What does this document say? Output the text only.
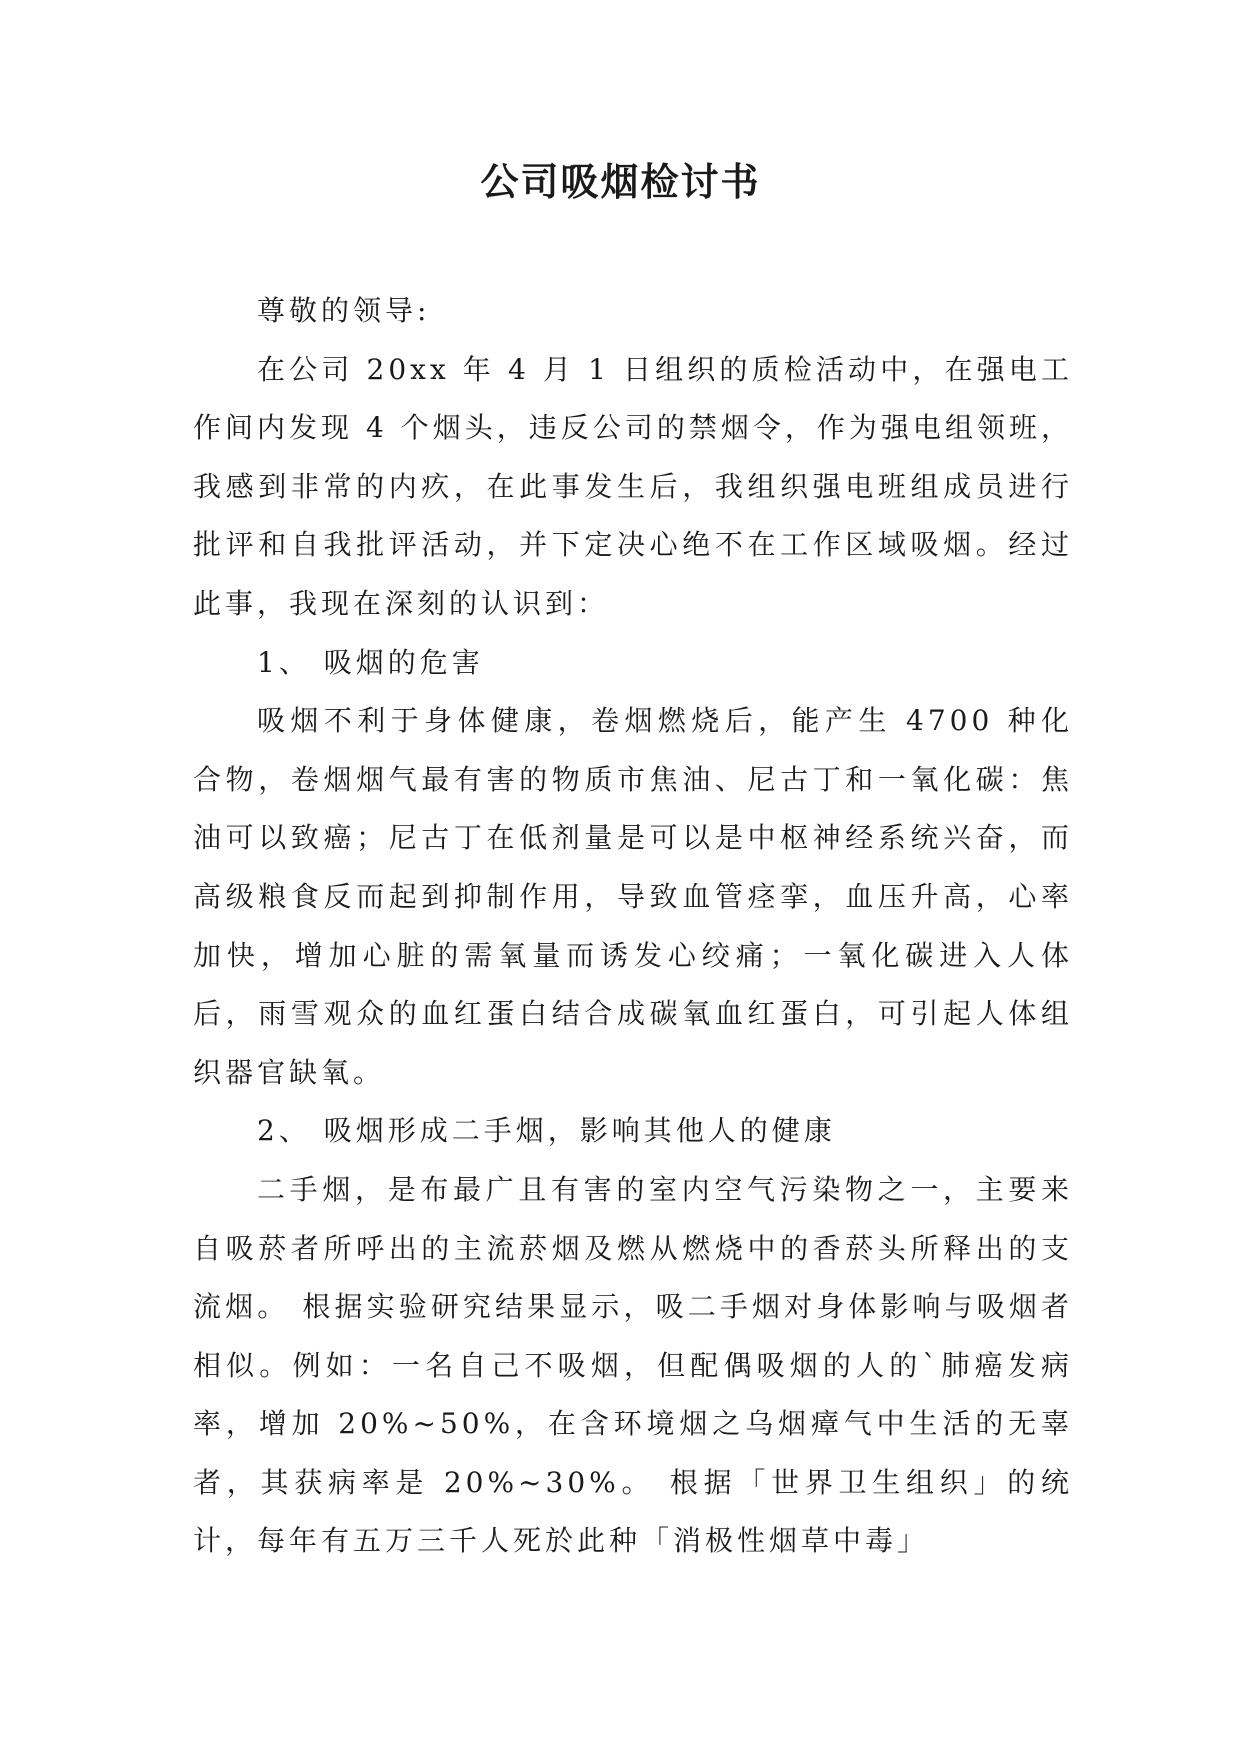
公司吸烟检讨书

尊敬的领导:

在公司 20xx 年 4 月 1 日组织的质检活动中，在强电工作间内发现 4 个烟头，违反公司的禁烟令，作为强电组领班，我感到非常的内疚，在此事发生后，我组织强电班组成员进行批评和自我批评活动，并下定决心绝不在工作区域吸烟。经过此事，我现在深刻的认识到：

1、 吸烟的危害

吸烟不利于身体健康，卷烟燃烧后，能产生 4700 种化合物，卷烟烟气最有害的物质市焦油、尼古丁和一氧化碳：焦油可以致癌；尼古丁在低剂量是可以是中枢神经系统兴奋，而高级粮食反而起到抑制作用，导致血管痉挛，血压升高，心率加快，增加心脏的需氧量而诱发心绞痛；一氧化碳进入人体后，雨雪观众的血红蛋白结合成碳氧血红蛋白，可引起人体组织器官缺氧。

2、 吸烟形成二手烟，影响其他人的健康

二手烟，是布最广且有害的室内空气污染物之一，主要来自吸菸者所呼出的主流菸烟及燃从燃烧中的香菸头所释出的支流烟。 根据实验研究结果显示，吸二手烟对身体影响与吸烟者相似。例如：一名自己不吸烟，但配偶吸烟的人的`肺癌发病率，增加 20%~50%，在含环境烟之乌烟瘴气中生活的无辜者，其获病率是 20%~30%。 根据「世界卫生组织」的统计，每年有五万三千人死於此种「消极性烟草中毒」
